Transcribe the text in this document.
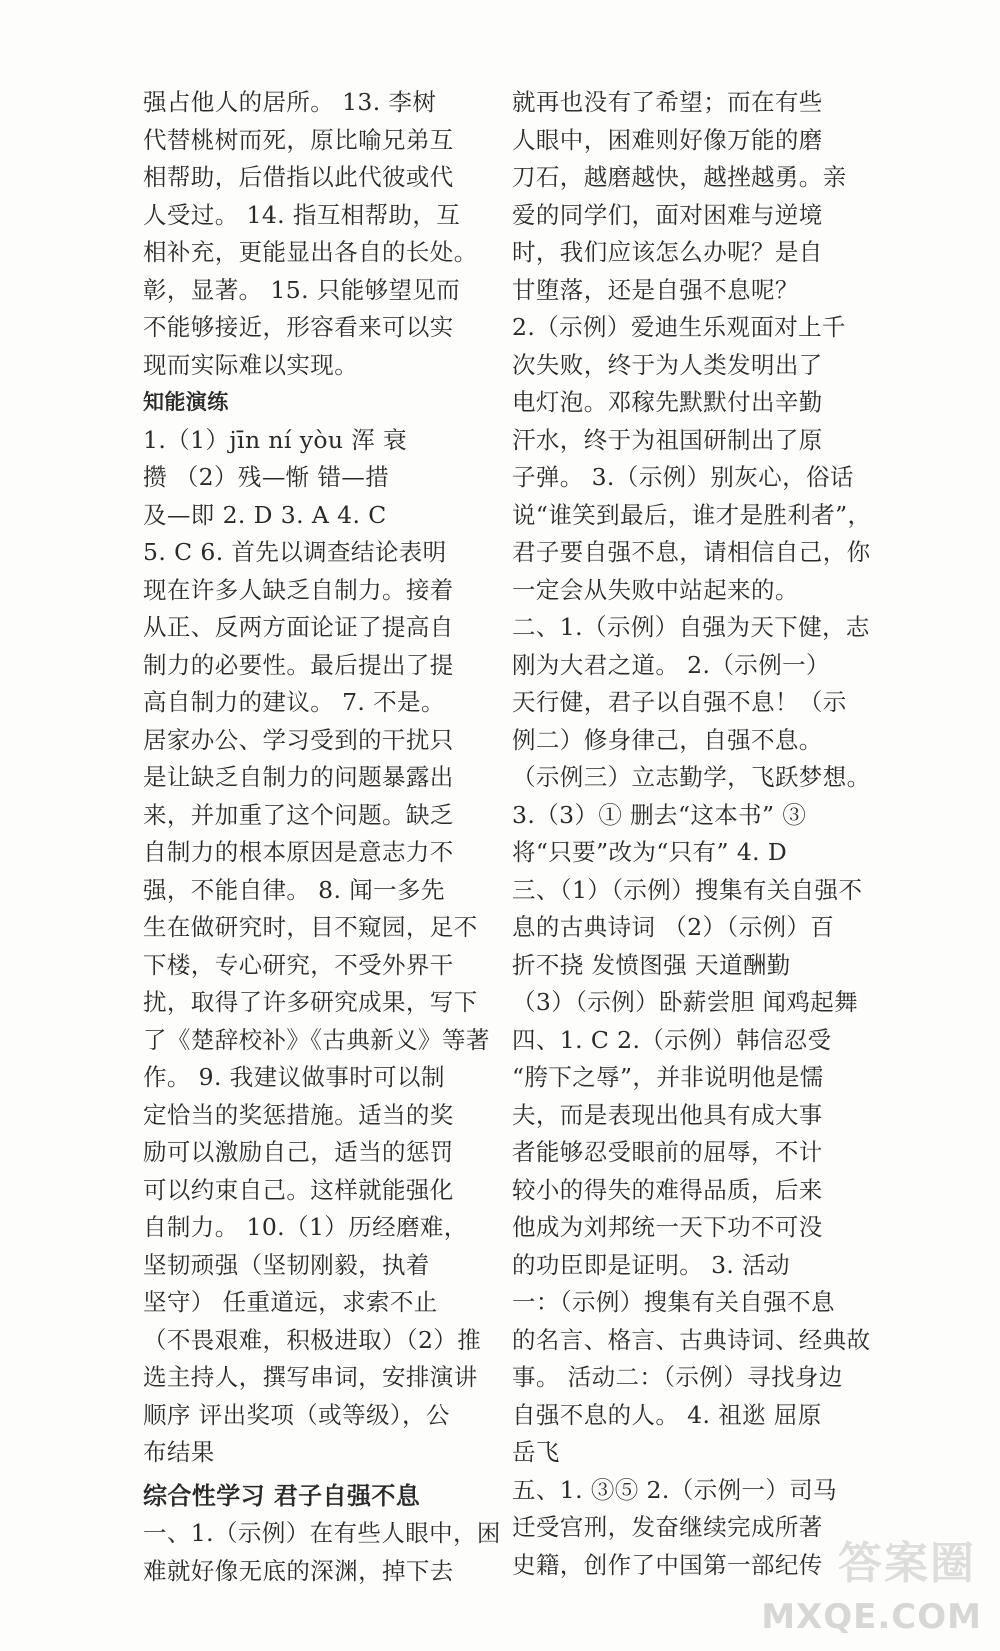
强占他人的居所。 13. 李树
代替桃树而死，原比喻兄弟互
相帮助，后借指以此代彼或代
人受过。 14. 指互相帮助，互
相补充，更能显出各自的长处。
彰，显著。 15. 只能够望见而
不能够接近，形容看来可以实
现而实际难以实现。
知能演练
1.（1）jīn ní yòu 浑 衰
攒 （2）残—惭 错—措
及—即 2. D 3. A 4. C
5. C 6. 首先以调查结论表明
现在许多人缺乏自制力。接着
从正、反两方面论证了提高自
制力的必要性。最后提出了提
高自制力的建议。 7. 不是。
居家办公、学习受到的干扰只
是让缺乏自制力的问题暴露出
来，并加重了这个问题。缺乏
自制力的根本原因是意志力不
强，不能自律。 8. 闻一多先
生在做研究时，目不窥园，足不
下楼，专心研究，不受外界干
扰，取得了许多研究成果，写下
了《楚辞校补》《古典新义》等著
作。 9. 我建议做事时可以制
定恰当的奖惩措施。适当的奖
励可以激励自己，适当的惩罚
可以约束自己。这样就能强化
自制力。 10.（1）历经磨难，
坚韧顽强（坚韧刚毅，执着
坚守） 任重道远，求索不止
（不畏艰难，积极进取）（2）推
选主持人，撰写串词，安排演讲
顺序 评出奖项（或等级），公
布结果
综合性学习 君子自强不息
一、1.（示例）在有些人眼中，困
难就好像无底的深渊，掉下去
就再也没有了希望；而在有些
人眼中，困难则好像万能的磨
刀石，越磨越快，越挫越勇。亲
爱的同学们，面对困难与逆境
时，我们应该怎么办呢？是自
甘堕落，还是自强不息呢？
2.（示例）爱迪生乐观面对上千
次失败，终于为人类发明出了
电灯泡。邓稼先默默付出辛勤
汗水，终于为祖国研制出了原
子弹。 3.（示例）别灰心，俗话
说“谁笑到最后，谁才是胜利者”，
君子要自强不息，请相信自己，你
一定会从失败中站起来的。
二、1.（示例）自强为天下健，志
刚为大君之道。 2.（示例一）
天行健，君子以自强不息！（示
例二）修身律己，自强不息。
（示例三）立志勤学，飞跃梦想。
3.（3）① 删去“这本书” ③
将“只要”改为“只有” 4. D
三、（1）（示例）搜集有关自强不
息的古典诗词 （2）（示例）百
折不挠 发愤图强 天道酬勤
（3）（示例）卧薪尝胆 闻鸡起舞
四、1. C 2.（示例）韩信忍受
“胯下之辱”，并非说明他是懦
夫，而是表现出他具有成大事
者能够忍受眼前的屈辱，不计
较小的得失的难得品质，后来
他成为刘邦统一天下功不可没
的功臣即是证明。 3. 活动
一：（示例）搜集有关自强不息
的名言、格言、古典诗词、经典故
事。 活动二：（示例）寻找身边
自强不息的人。 4. 祖逖 屈原
岳飞
五、1. ③⑤ 2.（示例一）司马
迁受宫刑，发奋继续完成所著
史籍，创作了中国第一部纪传 答案圈
MXQE.COM
